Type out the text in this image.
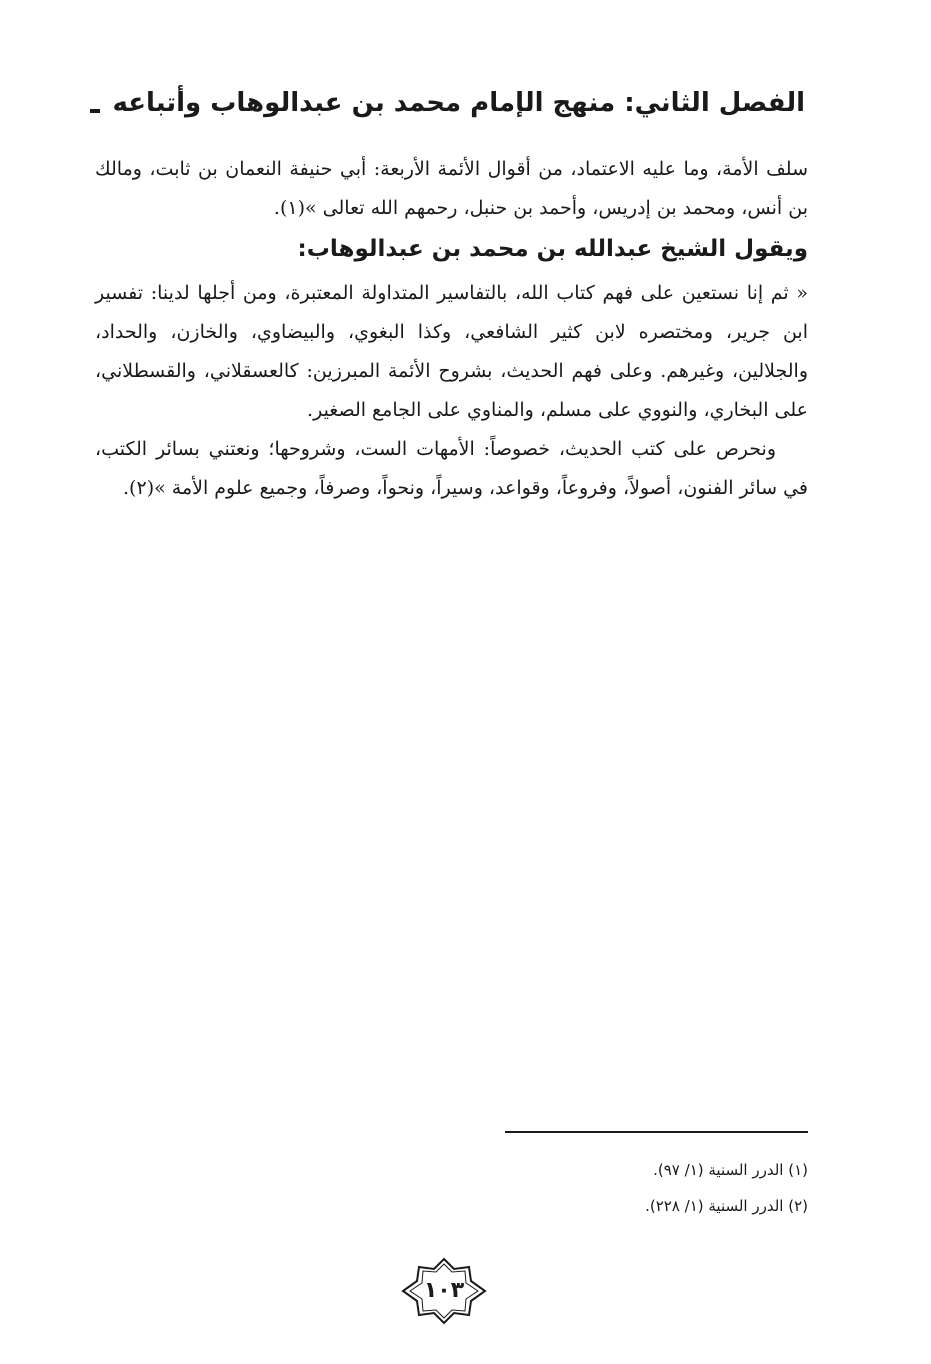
الفصل الثاني: منهج الإمام محمد بن عبدالوهاب وأتباعه

سلف الأمة، وما عليه الاعتماد، من أقوال الأئمة الأربعة: أبي حنيفة النعمان بن ثابت، ومالك بن أنس، ومحمد بن إدريس، وأحمد بن حنبل، رحمهم الله تعالى »(١).

ويقول الشيخ عبدالله بن محمد بن عبدالوهاب:

« ثم إنا نستعين على فهم كتاب الله، بالتفاسير المتداولة المعتبرة، ومن أجلها لدينا: تفسير ابن جرير، ومختصره لابن كثير الشافعي، وكذا البغوي، والبيضاوي، والخازن، والحداد، والجلالين، وغيرهم. وعلى فهم الحديث، بشروح الأئمة المبرزين: كالعسقلاني، والقسطلاني، على البخاري، والنووي على مسلم، والمناوي على الجامع الصغير.

ونحرص على كتب الحديث، خصوصاً: الأمهات الست، وشروحها؛ ونعتني بسائر الكتب، في سائر الفنون، أصولاً، وفروعاً، وقواعد، وسيراً، ونحواً، وصرفاً، وجميع علوم الأمة »(٢).

(١) الدرر السنية (١/ ٩٧).

(٢) الدرر السنية (١/ ٢٢٨).

١٠٣
